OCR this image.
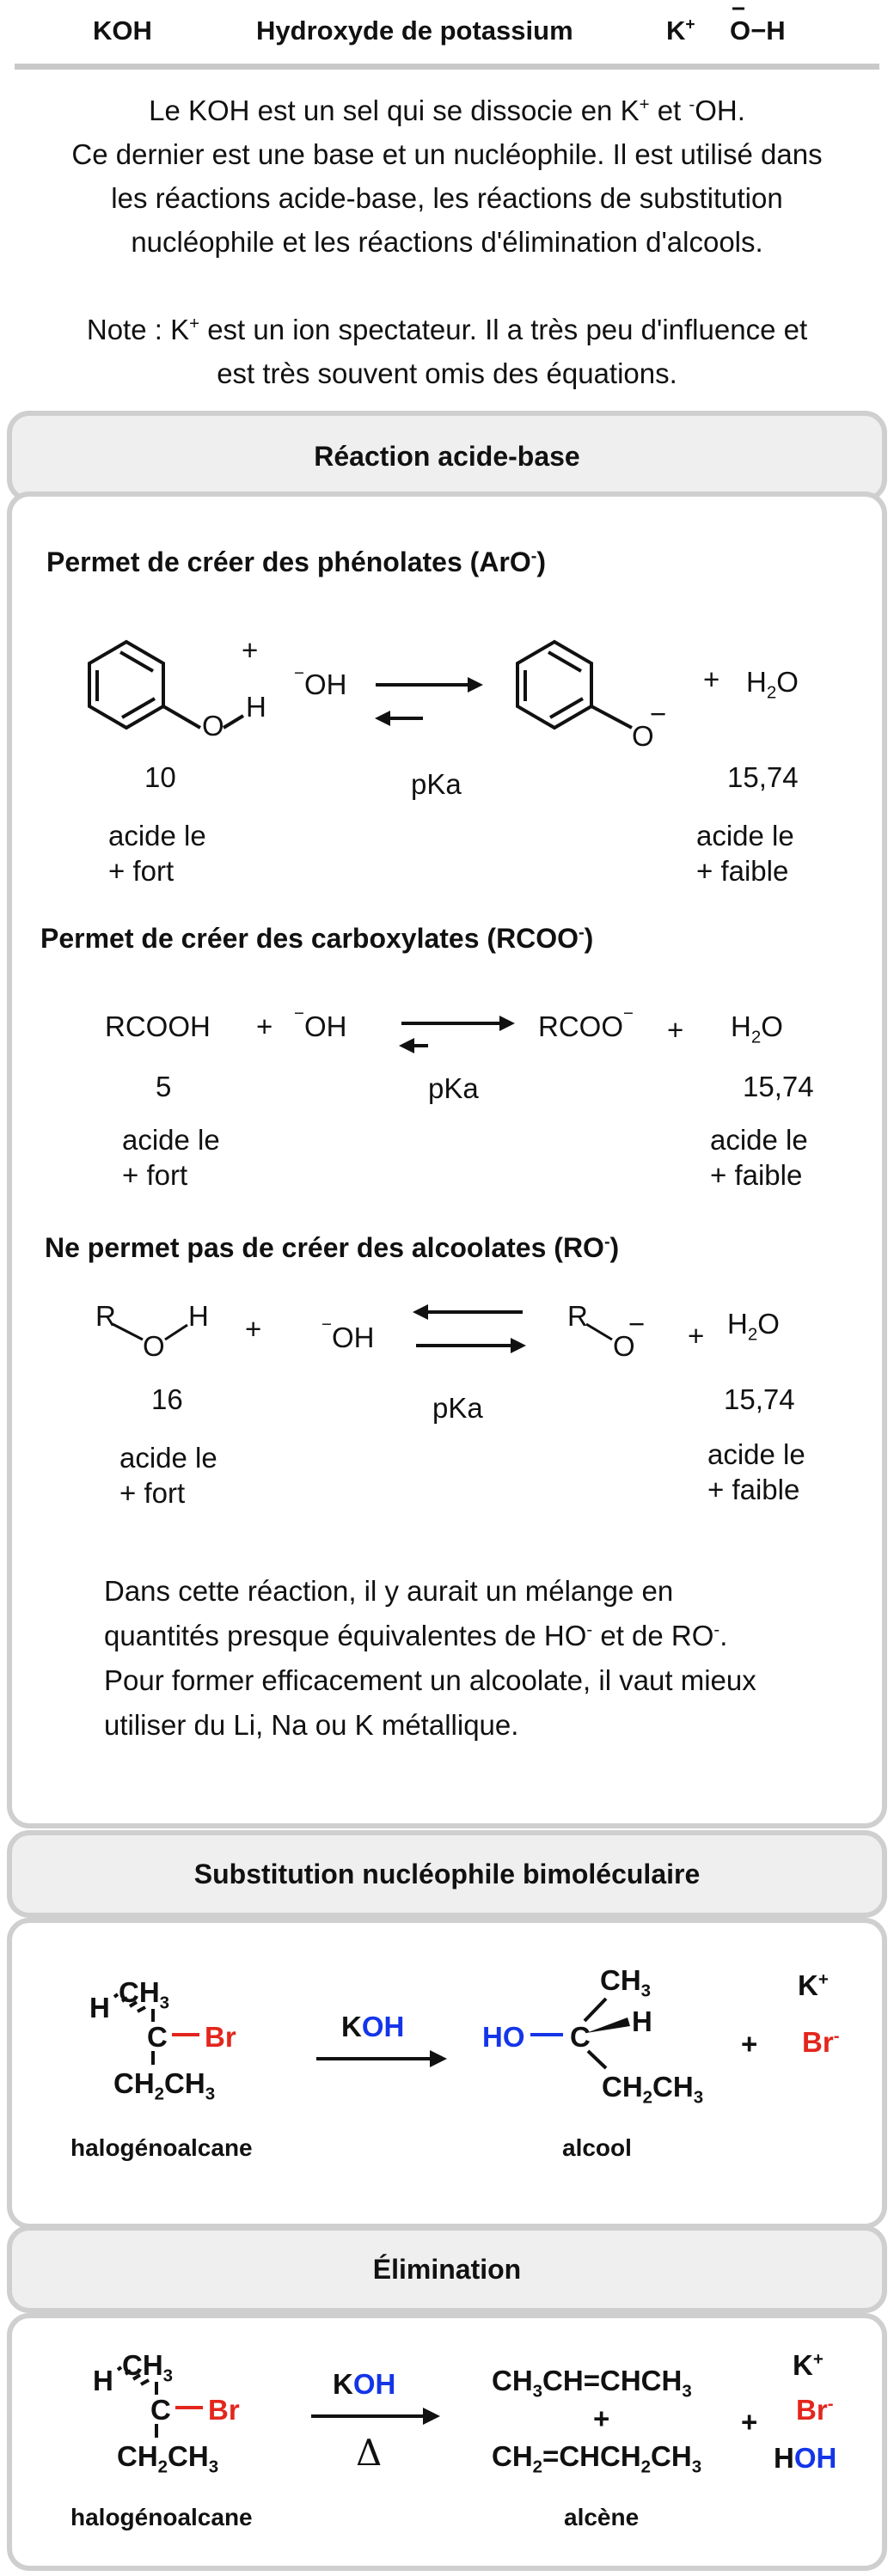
KOH	Hydroxyde de potassium	K+ O−H
Le KOH est un sel qui se dissocie en K+ et -OH.
Ce dernier est une base et un nucléophile. Il est utilisé dans
les réactions acide-base, les réactions de substitution
nucléophile et les réactions d'élimination d'alcools.
Note : K+ est un ion spectateur. Il a très peu d'influence et
est très souvent omis des équations.
Réaction acide-base
Permet de créer des phénolates (ArO-)
O
H
+
−OH
O
−
+ $H_2O$
10	pKa	15,74
acide le
+ fort
acide le
+ faible
Permet de créer des carboxylates (RCOO-)
RCOOH + −OH	RCOO−
+ $H_2O$
5	pKa	15,74
acide le
+ fort
acide le
+ faible
Ne permet pas de créer des alcoolates (RO-)
R
O
H +	−OH
R
O
− + $H_2O$
16	pKa	15,74
acide le
+ fort
acide le
+ faible
Dans cette réaction, il y aurait un mélange en
quantités presque équivalentes de HO- et de RO-.
Pour former efficacement un alcoolate, il vaut mieux
utiliser du Li, Na ou K métallique.
Substitution nucléophile bimoléculaire
$CH_3$
H
C Br
$CH_2CH_3$
halogénoalcane
KOH	HO C
$CH_3$
H
$CH_2CH_3$
alcool
+
K+
Br-
Élimination
$CH_3$
H
C Br
$CH_2CH_3$
halogénoalcane
KOH
Δ
$CH_3CH=CHCH_3$
+
$CH_2=CHCH_2CH_3$
alcène
+
K+
Br-
HOH
